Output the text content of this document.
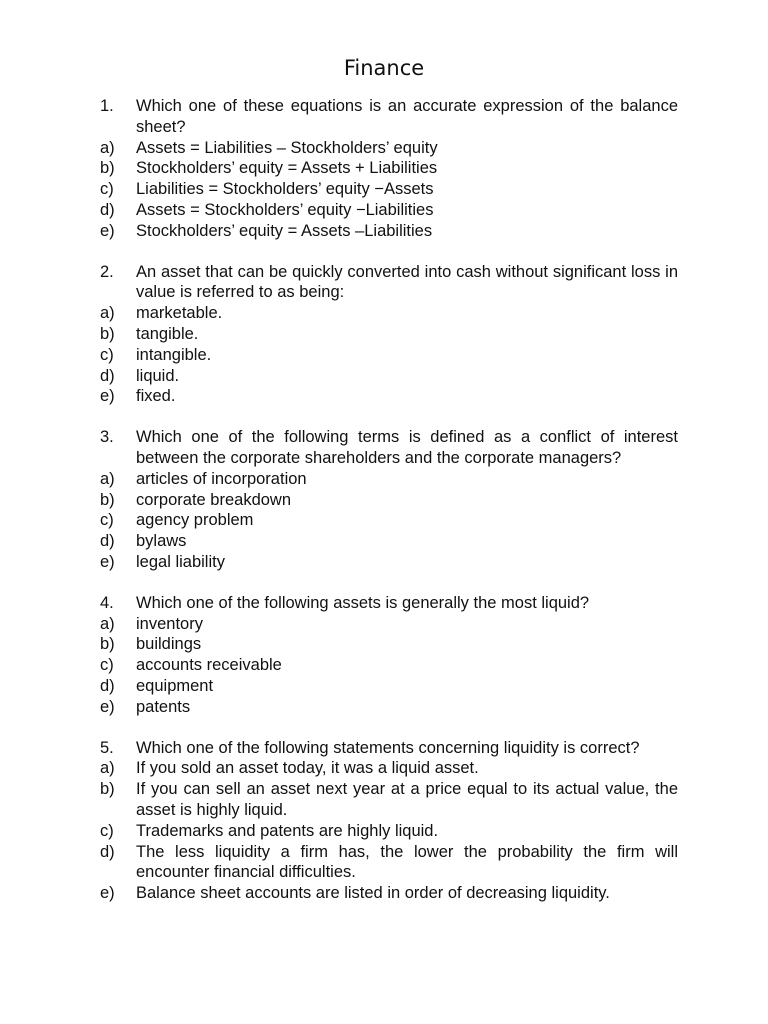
Finance
1.	Which one of these equations is an accurate expression of the balance sheet?
a)	Assets = Liabilities – Stockholders’ equity
b)	Stockholders’ equity = Assets + Liabilities
c)	Liabilities = Stockholders’ equity −Assets
d)	Assets = Stockholders’ equity −Liabilities
e)	Stockholders’ equity = Assets –Liabilities
2.	An asset that can be quickly converted into cash without significant loss in value is referred to as being:
a)	marketable.
b)	tangible.
c)	intangible.
d)	liquid.
e)	fixed.
3.	Which one of the following terms is defined as a conflict of interest between the corporate shareholders and the corporate managers?
a)	articles of incorporation
b)	corporate breakdown
c)	agency problem
d)	bylaws
e)	legal liability
4.	Which one of the following assets is generally the most liquid?
a)	inventory
b)	buildings
c)	accounts receivable
d)	equipment
e)	patents
5.	Which one of the following statements concerning liquidity is correct?
a)	If you sold an asset today, it was a liquid asset.
b)	If you can sell an asset next year at a price equal to its actual value, the asset is highly liquid.
c)	Trademarks and patents are highly liquid.
d)	The less liquidity a firm has, the lower the probability the firm will encounter financial difficulties.
e)	Balance sheet accounts are listed in order of decreasing liquidity.
